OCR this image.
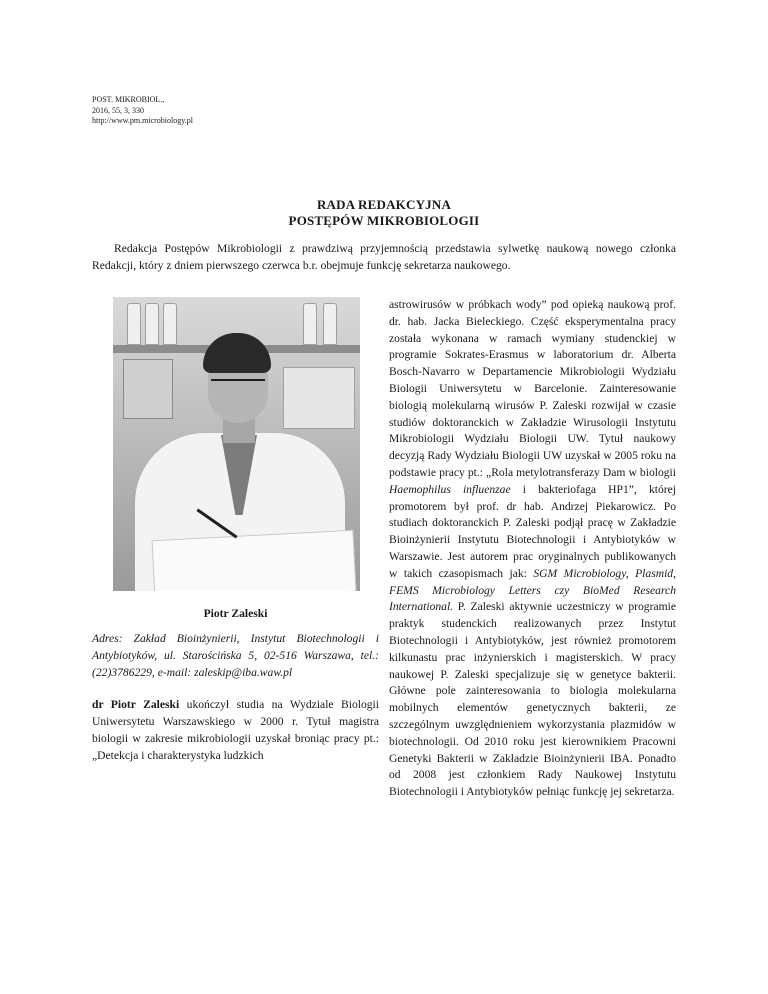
POST. MIKROBIOL.,
2016, 55, 3, 330
http://www.pm.microbiology.pl
RADA REDAKCYJNA
POSTĘPÓW MIKROBIOLOGII
Redakcja Postępów Mikrobiologii z prawdziwą przyjemnością przedstawia sylwetkę naukową nowego członka Redakcji, który z dniem pierwszego czerwca b.r. obejmuje funkcję sekretarza naukowego.
Piotr Zaleski
Adres: Zakład Bioinżynierii, Instytut Biotechnologii i Antybiotyków, ul. Starościńska 5, 02-516 Warszawa, tel.: (22)3786229, e-mail: zaleskip@iba.waw.pl
dr Piotr Zaleski ukończył studia na Wydziale Biologii Uniwersytetu Warszawskiego w 2000 r. Tytuł magistra biologii w zakresie mikrobiologii uzyskał broniąc pracy pt.: „Detekcja i charakterystyka ludzkich
astrowirusów w próbkach wody” pod opieką naukową prof. dr. hab. Jacka Bieleckiego. Część eksperymentalna pracy została wykonana w ramach wymiany studenckiej w programie Sokrates-Erasmus w laboratorium dr. Alberta Bosch-Navarro w Departamencie Mikrobiologii Wydziału Biologii Uniwersytetu w Barcelonie. Zainteresowanie biologią molekularną wirusów P. Zaleski rozwijał w czasie studiów doktoranckich w Zakładzie Wirusologii Instytutu Mikrobiologii Wydziału Biologii UW. Tytuł naukowy decyzją Rady Wydziału Biologii UW uzyskał w 2005 roku na podstawie pracy pt.: „Rola metylotransferazy Dam w biologii Haemophilus influenzae i bakteriofaga HP1”, której promotorem był prof. dr hab. Andrzej Piekarowicz. Po studiach doktoranckich P. Zaleski podjął pracę w Zakładzie Bioinżynierii Instytutu Biotechnologii i Antybiotyków w Warszawie. Jest autorem prac oryginalnych publikowanych w takich czasopismach jak: SGM Microbiology, Plasmid, FEMS Microbiology Letters czy BioMed Research International. P. Zaleski aktywnie uczestniczy w programie praktyk studenckich realizowanych przez Instytut Biotechnologii i Antybiotyków, jest również promotorem kilkunastu prac inżynierskich i magisterskich. W pracy naukowej P. Zaleski specjalizuje się w genetyce bakterii. Główne pole zainteresowania to biologia molekularna mobilnych elementów genetycznych bakterii, ze szczególnym uwzględnieniem wykorzystania plazmidów w biotechnologii. Od 2010 roku jest kierownikiem Pracowni Genetyki Bakterii w Zakładzie Bioinżynierii IBA. Ponadto od 2008 jest członkiem Rady Naukowej Instytutu Biotechnologii i Antybiotyków pełniąc funkcję jej sekretarza.
